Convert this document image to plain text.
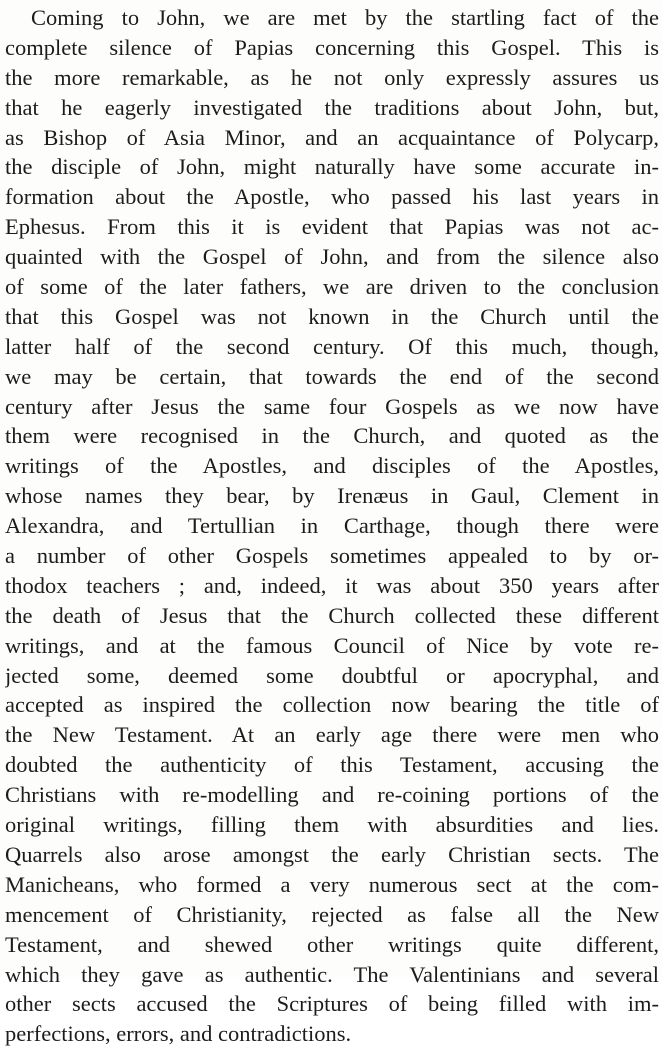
Coming to John, we are met by the startling fact of the
complete silence of Papias concerning this Gospel. This is
the more remarkable, as he not only expressly assures us
that he eagerly investigated the traditions about John, but,
as Bishop of Asia Minor, and an acquaintance of Polycarp,
the disciple of John, might naturally have some accurate in-
formation about the Apostle, who passed his last years in
Ephesus. From this it is evident that Papias was not ac-
quainted with the Gospel of John, and from the silence also
of some of the later fathers, we are driven to the conclusion
that this Gospel was not known in the Church until the
latter half of the second century. Of this much, though,
we may be certain, that towards the end of the second
century after Jesus the same four Gospels as we now have
them were recognised in the Church, and quoted as the
writings of the Apostles, and disciples of the Apostles,
whose names they bear, by Irenæus in Gaul, Clement in
Alexandra, and Tertullian in Carthage, though there were
a number of other Gospels sometimes appealed to by or-
thodox teachers ; and, indeed, it was about 350 years after
the death of Jesus that the Church collected these different
writings, and at the famous Council of Nice by vote re-
jected some, deemed some doubtful or apocryphal, and
accepted as inspired the collection now bearing the title of
the New Testament. At an early age there were men who
doubted the authenticity of this Testament, accusing the
Christians with re-modelling and re-coining portions of the
original writings, filling them with absurdities and lies.
Quarrels also arose amongst the early Christian sects. The
Manicheans, who formed a very numerous sect at the com-
mencement of Christianity, rejected as false all the New
Testament, and shewed other writings quite different,
which they gave as authentic. The Valentinians and several
other sects accused the Scriptures of being filled with im-
perfections, errors, and contradictions.
